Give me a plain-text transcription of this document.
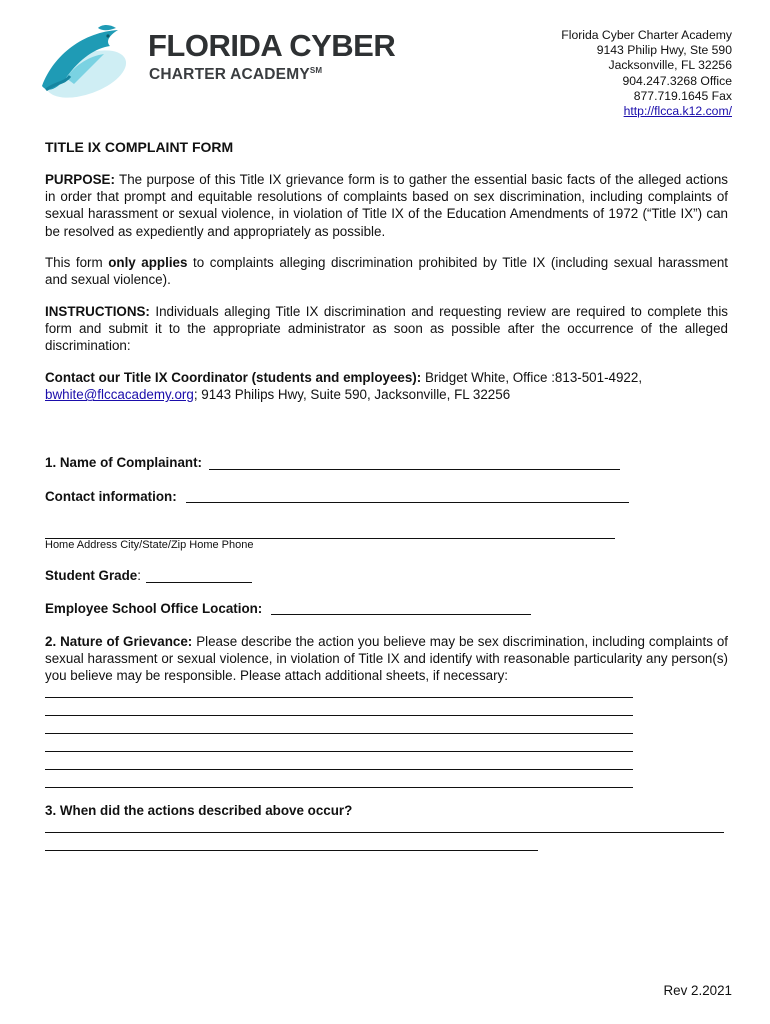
FLORIDA CYBER
CHARTER ACADEMY℠
Florida Cyber Charter Academy
9143 Philip Hwy, Ste 590
Jacksonville, FL 32256
904.247.3268 Office
877.719.1645 Fax
http://flcca.k12.com/
TITLE IX COMPLAINT FORM

PURPOSE: The purpose of this Title IX grievance form is to gather the essential basic facts of the alleged actions in order that prompt and equitable resolutions of complaints based on sex discrimination, including complaints of sexual harassment or sexual violence, in violation of Title IX of the Education Amendments of 1972 (“Title IX”) can be resolved as expediently and appropriately as possible.

This form only applies to complaints alleging discrimination prohibited by Title IX (including sexual harassment and sexual violence).

INSTRUCTIONS: Individuals alleging Title IX discrimination and requesting review are required to complete this form and submit it to the appropriate administrator as soon as possible after the occurrence of the alleged discrimination:

Contact our Title IX Coordinator (students and employees): Bridget White, Office :813-501-4922,
bwhite@flccacademy.org; 9143 Philips Hwy, Suite 590, Jacksonville, FL 32256

1. Name of Complainant:
Contact information:
Home Address City/State/Zip Home Phone
Student Grade:
Employee School Office Location:

2. Nature of Grievance: Please describe the action you believe may be sex discrimination, including complaints of sexual harassment or sexual violence, in violation of Title IX and identify with reasonable particularity any person(s) you believe may be responsible. Please attach additional sheets, if necessary:

3. When did the actions described above occur?
Rev 2.2021
